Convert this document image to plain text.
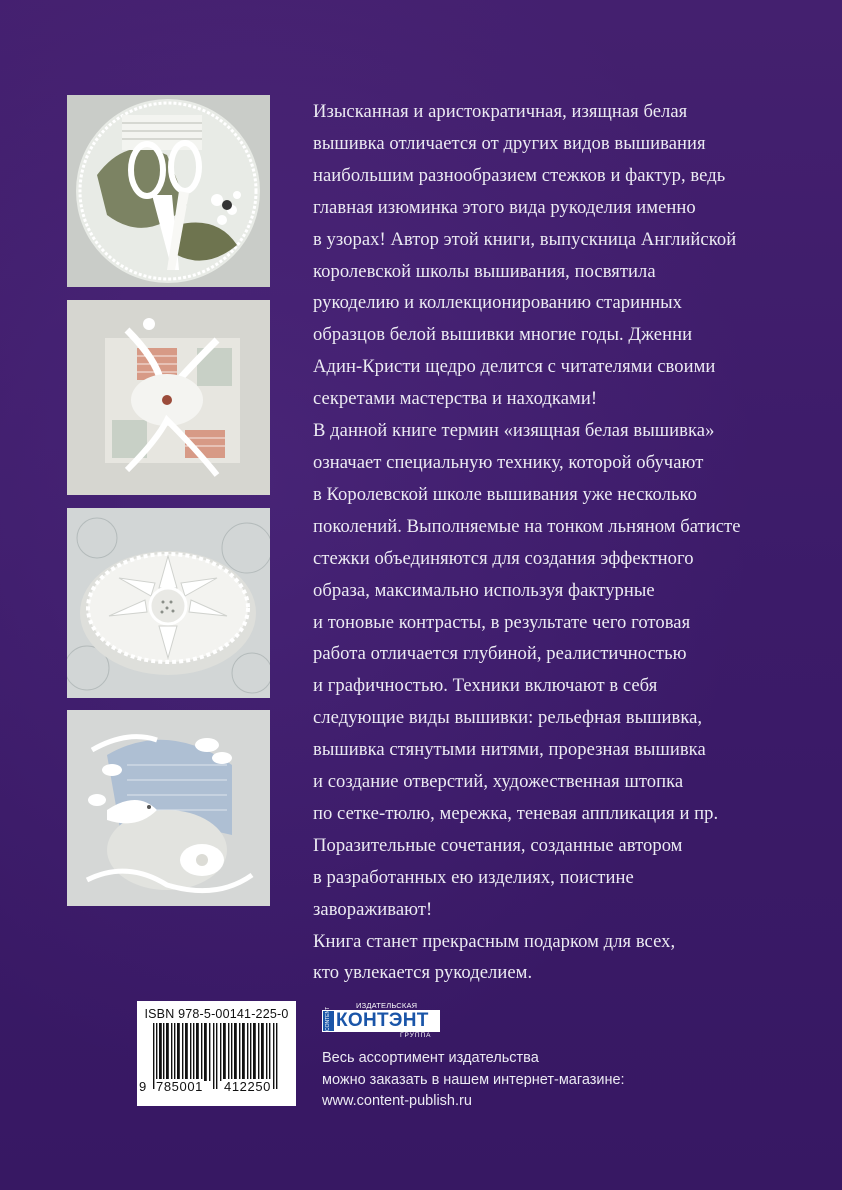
Изысканная и аристократичная, изящная белая
вышивка отличается от других видов вышивания
наибольшим разнообразием стежков и фактур, ведь
главная изюминка этого вида рукоделия именно
в узорах! Автор этой книги, выпускница Английской
королевской школы вышивания, посвятила
рукоделию и коллекционированию старинных
образцов белой вышивки многие годы. Дженни
Адин-Кристи щедро делится с читателями своими
секретами мастерства и находками!
В данной книге термин «изящная белая вышивка»
означает специальную технику, которой обучают
в Королевской школе вышивания уже несколько
поколений. Выполняемые на тонком льняном батисте
стежки объединяются для создания эффектного
образа, максимально используя фактурные
и тоновые контрасты, в результате чего готовая
работа отличается глубиной, реалистичностью
и графичностью. Техники включают в себя
следующие виды вышивки: рельефная вышивка,
вышивка стянутыми нитями, прорезная вышивка
и создание отверстий, художественная штопка
по сетке-тюлю, мережка, теневая аппликация и пр.
Поразительные сочетания, созданные автором
в разработанных ею изделиях, поистине
завораживают!
Книга станет прекрасным подарком для всех,
кто увлекается рукоделием.
ISBN 978-5-00141-225-0
9 785001 412250
ИЗДАТЕЛЬСКАЯ
КОНТЭНТ
CONTENT
ГРУППА
Весь ассортимент издательства
можно заказать в нашем интернет-магазине:
www.content-publish.ru
